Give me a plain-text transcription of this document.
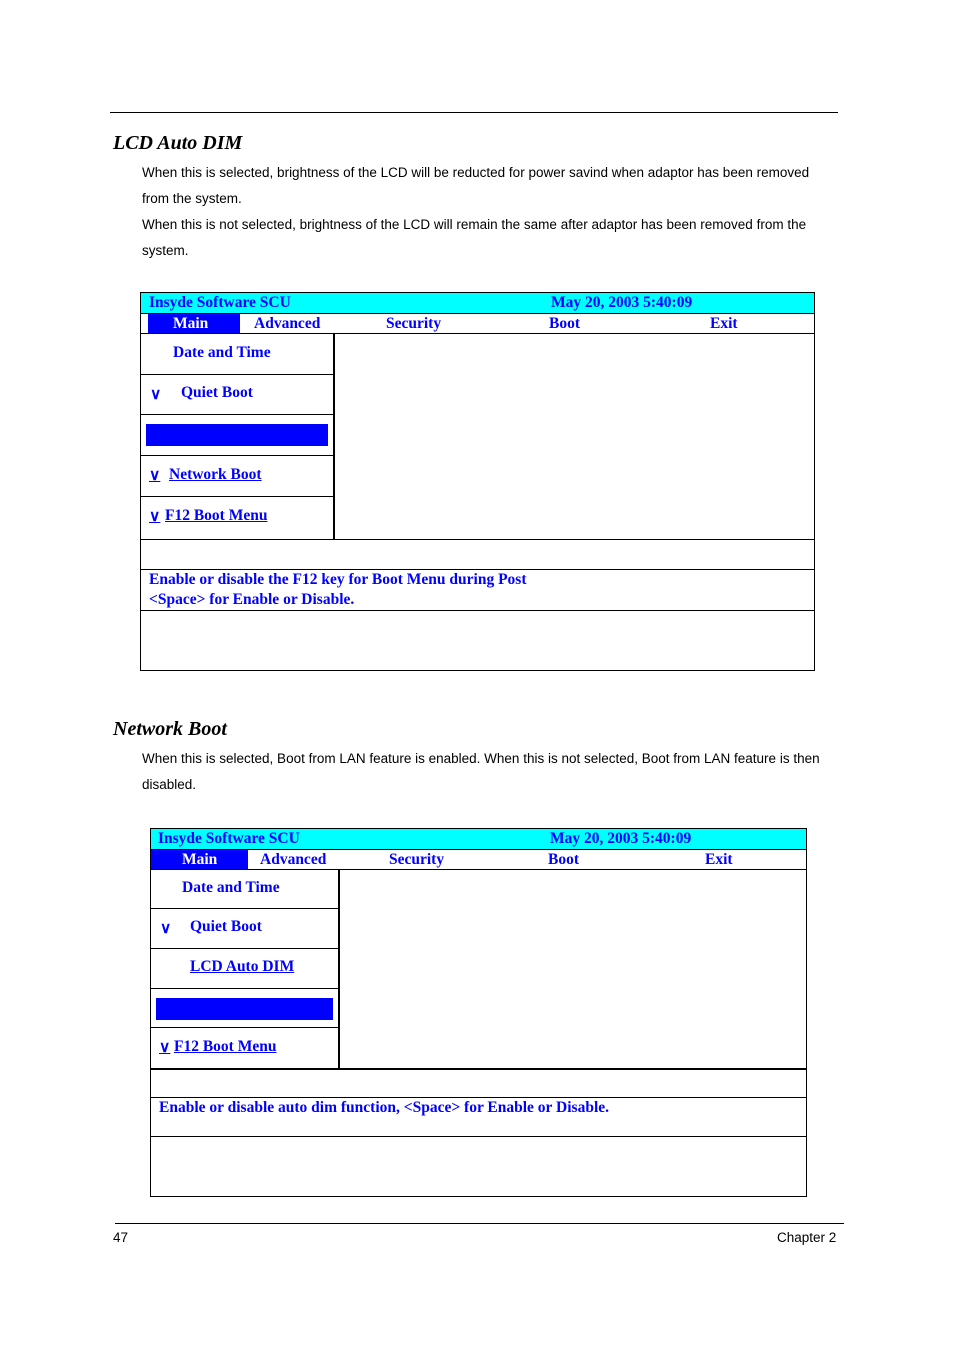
LCD Auto DIM

When this is selected, brightness of the LCD will be reducted for power savind when adaptor has been removed from the system.

When this is not selected, brightness of the LCD will remain the same after adaptor has been removed from the system.

Insyde Software SCU	May 20, 2003 5:40:09
Main	Advanced	Security	Boot	Exit
Date and Time
∨ Quiet Boot
∨ Network Boot
∨ F12 Boot Menu
Enable or disable the F12 key for Boot Menu during Post
<Space> for Enable or Disable.
Network Boot

When this is selected, Boot from LAN feature is enabled. When this is not selected, Boot from LAN feature is then disabled.

Insyde Software SCU	May 20, 2003 5:40:09
Main	Advanced	Security	Boot	Exit
Date and Time
∨ Quiet Boot
LCD Auto DIM
∨ F12 Boot Menu
Enable or disable auto dim function, <Space> for Enable or Disable.
47	Chapter 2
